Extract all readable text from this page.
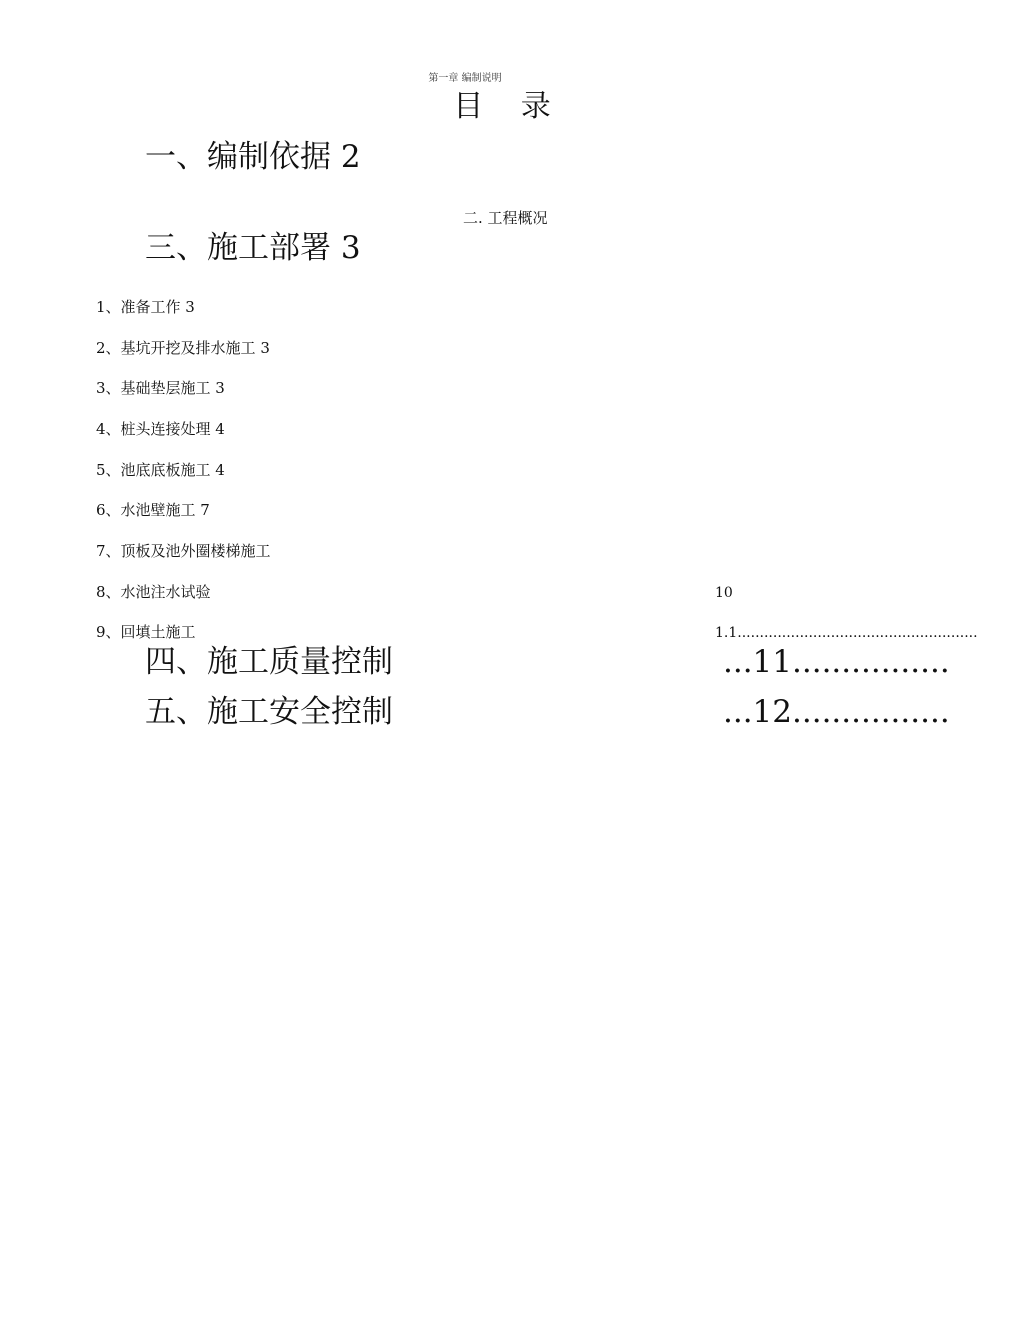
第一章 编制说明
目 录
一、编制依据 2
二. 工程概况
三、施工部署 3
1、准备工作 3
2、基坑开挖及排水施工 3
3、基础垫层施工 3
4、桩头连接处理 4
5、池底底板施工 4
6、水池壁施工 7
7、顶板及池外圈楼梯施工
8、水池注水试验	10
9、回填土施工	1.1......................................................
四、施工质量控制	...11................
五、施工安全控制	...12................
